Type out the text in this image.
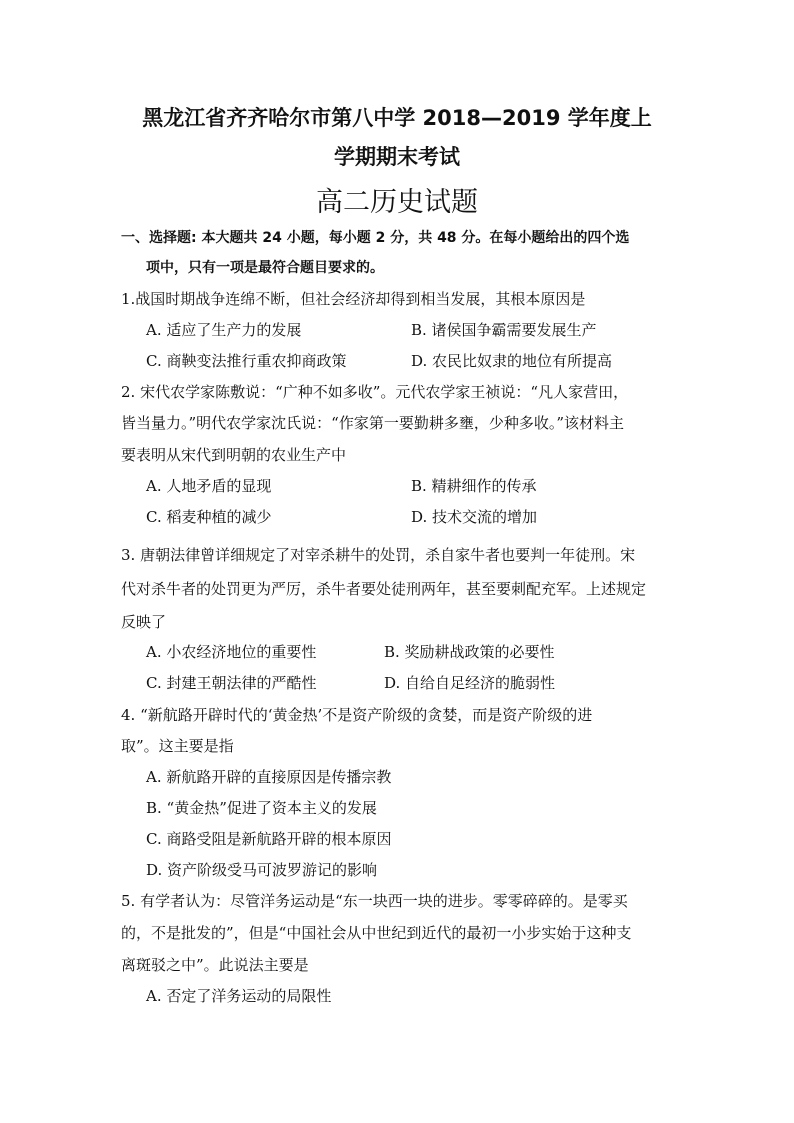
黑龙江省齐齐哈尔市第八中学 2018—2019 学年度上
学期期末考试
高二历史试题
一、选择题: 本大题共 24 小题，每小题 2 分，共 48 分。在每小题给出的四个选
项中，只有一项是最符合题目要求的。
1.战国时期战争连绵不断，但社会经济却得到相当发展，其根本原因是
A. 适应了生产力的发展	B. 诸侯国争霸需要发展生产
C. 商鞅变法推行重农抑商政策	D. 农民比奴隶的地位有所提高
2. 宋代农学家陈敷说：“广种不如多收”。元代农学家王祯说：“凡人家营田，
皆当量力。”明代农学家沈氏说：“作家第一要勤耕多壅，少种多收。”该材料主
要表明从宋代到明朝的农业生产中
A. 人地矛盾的显现	B. 精耕细作的传承
C. 稻麦种植的减少	D. 技术交流的增加
3. 唐朝法律曾详细规定了对宰杀耕牛的处罚，杀自家牛者也要判一年徒刑。宋
代对杀牛者的处罚更为严厉，杀牛者要处徒刑两年，甚至要刺配充军。上述规定
反映了
A. 小农经济地位的重要性	B. 奖励耕战政策的必要性
C. 封建王朝法律的严酷性	D. 自给自足经济的脆弱性
4. “新航路开辟时代的‘黄金热’不是资产阶级的贪婪，而是资产阶级的进
取”。这主要是指
A. 新航路开辟的直接原因是传播宗教
B. “黄金热”促进了资本主义的发展
C. 商路受阻是新航路开辟的根本原因
D. 资产阶级受马可波罗游记的影响
5. 有学者认为：尽管洋务运动是“东一块西一块的进步。零零碎碎的。是零买
的，不是批发的”，但是“中国社会从中世纪到近代的最初一小步实始于这种支
离斑驳之中”。此说法主要是
A. 否定了洋务运动的局限性
